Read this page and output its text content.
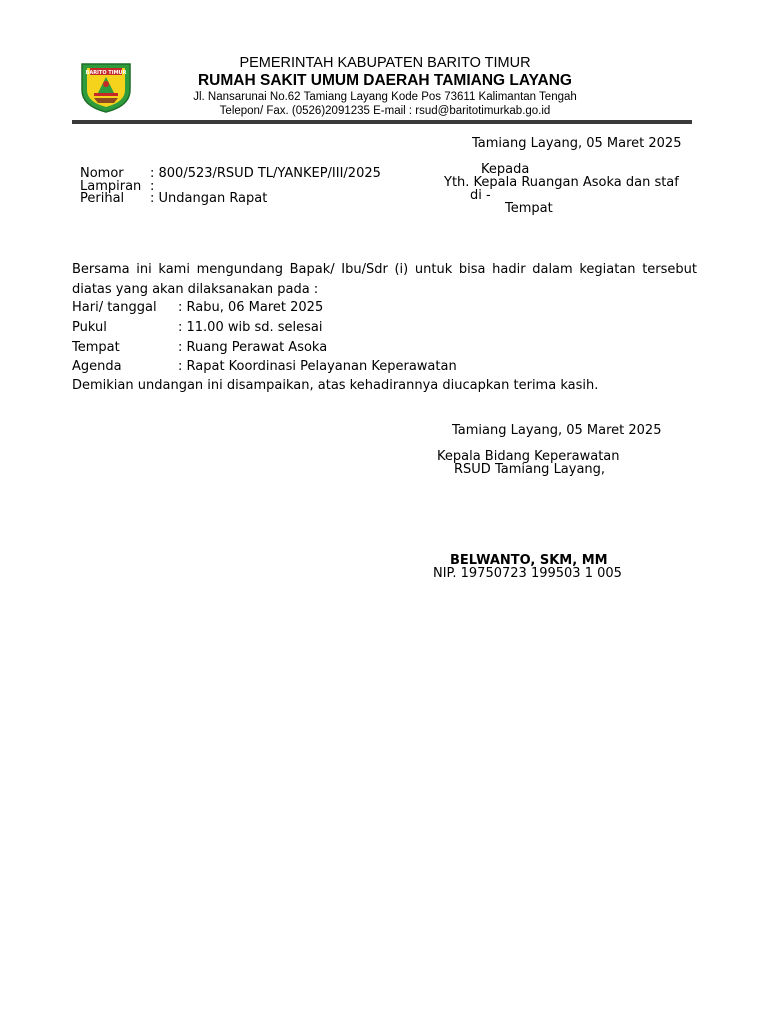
BARITO TIMUR
PEMERINTAH KABUPATEN BARITO TIMUR
RUMAH SAKIT UMUM DAERAH TAMIANG LAYANG
Jl. Nansarunai No.62 Tamiang Layang Kode Pos 73611 Kalimantan Tengah
Telepon/ Fax. (0526)2091235 E-mail : rsud@baritotimurkab.go.id
Tamiang Layang, 05 Maret 2025
Nomor : 800/523/RSUD TL/YANKEP/III/2025
Lampiran :
Perihal : Undangan Rapat
Kepada
Yth. Kepala Ruangan Asoka dan staf
di -
Tempat
Bersama ini kami mengundang Bapak/ Ibu/Sdr (i) untuk bisa hadir dalam kegiatan tersebut diatas yang akan dilaksanakan pada :
Hari/ tanggal : Rabu, 06 Maret 2025
Pukul	: 11.00 wib sd. selesai
Tempat	: Ruang Perawat Asoka
Agenda	: Rapat Koordinasi Pelayanan Keperawatan
Demikian undangan ini disampaikan, atas kehadirannya diucapkan terima kasih.
Tamiang Layang, 05 Maret 2025
Kepala Bidang Keperawatan
RSUD Tamiang Layang,
BELWANTO, SKM, MM
NIP. 19750723 199503 1 005
